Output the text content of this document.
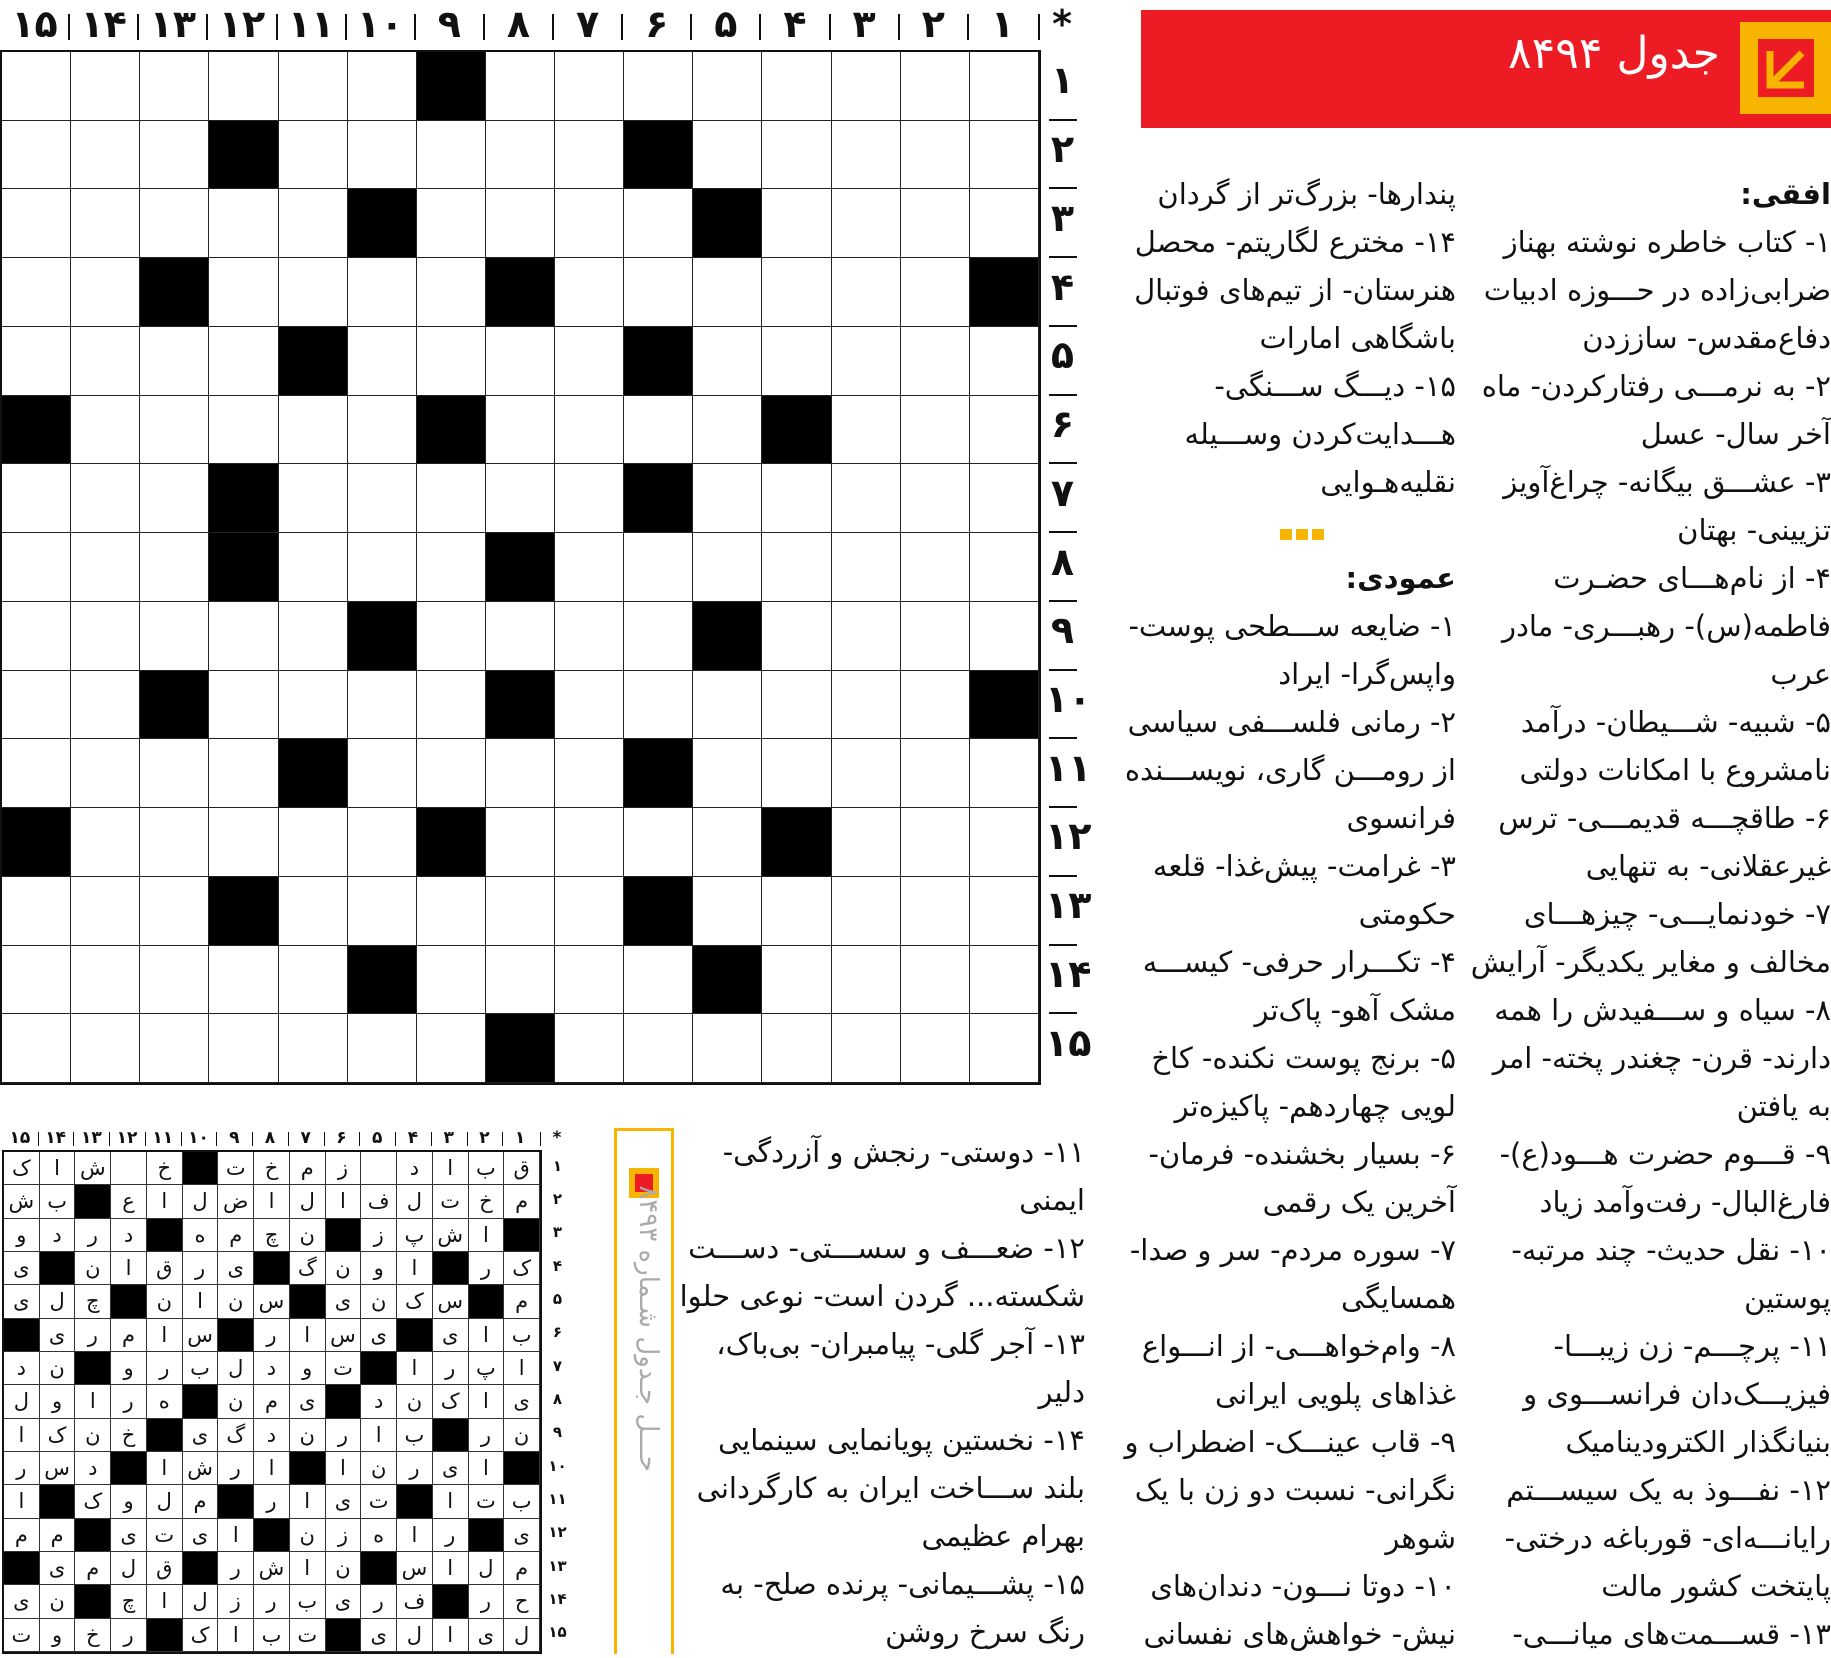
*
۱
۲
۳
۴
۵
۶
۷
۸
۹
۱۰
۱۱
۱۲
۱۳
۱۴
۱۵
۱
۲
۳
۴
۵
۶
۷
۸
۹
۱۰
۱۱
۱۲
۱۳
۱۴
۱۵
جدول ۸۴۹۴
افقی:
۱- کتاب خاطره نوشته بهناز
ضرابی‌زاده در حـــوزه ادبیات
دفاع‌مقدس- ساززدن
۲- به نرمـــی رفتارکردن- ماه
آخر سال- عسل
۳- عشـــق بیگانه- چراغ‌آویز
تزیینی- بهتان
۴- از نام‌هـــای حضـرت
فاطمه(س)- رهبـــری- مادر
عرب
۵- شبیه- شـــیطان- درآمد
نامشروع با امکانات دولتی
۶- طاقچـــه قدیمـــی- ترس
غیرعقلانی- به تنهایی
۷- خودنمایـــی- چیزهـــای
مخالف و مغایر یکدیگر- آرایش
۸- سیاه و ســـفیدش را همه
دارند- قرن- چغندر پخته- امر
به یافتن
۹- قـــوم حضرت هـــود(ع)-
فارغ‌البال- رفت‌وآمد زیاد
۱۰- نقل حدیث- چند مرتبه-
پوستین
۱۱- پرچـــم- زن زیبـــا-
فیزیـــک‌دان فرانســـوی و
بنیانگذار الکترودینامیک
۱۲- نفـــوذ به یک سیســـتم
رایانـــه‌ای- قورباغه درختی-
پایتخت کشور مالت
۱۳- قســـمت‌های میانـــی-
پندارها- بزرگ‌تر از گردان
۱۴- مخترع لگاریتم- محصل
هنرستان- از تیم‌های فوتبال
باشگاهی امارات
۱۵- دیـــگ ســـنگی-
هـــدایت‌کردن وســـیله
نقلیه‌هـوایی

عمودی:
۱- ضایعه ســـطحی پوست-
واپس‌گرا- ایراد
۲- رمانی فلســـفی سیاسی
از رومـــن گاری، نویســـنده
فرانسوی
۳- غرامت- پیش‌غذا- قلعه
حکومتی
۴- تکـــرار حرفی- کیســـه
مشک آهو- پاک‌تر
۵- برنج پوست نکنده- کاخ
لویی چهاردهم- پاکیزه‌تر
۶- بسیار بخشنده- فرمان-
آخرین یک رقمی
۷- سوره مردم- سر و صدا-
همسایگی
۸- وام‌خواهـــی- از انـــواع
غذاهای پلویی ایرانی
۹- قاب عینـــک- اضطراب و
نگرانی- نسبت دو زن با یک
شوهر
۱۰- دوتا نـــون- دندان‌های
نیش- خواهش‌های نفسانی
۱۱- دوستی- رنجش و آزردگی-
ایمنی
۱۲- ضعـــف و سســـتی- دســـت
شکسته... گردن است- نوعی حلوا
۱۳- آجر گلی- پیامبران- بی‌باک،
دلیر
۱۴- نخستین پویانمایی سینمایی
بلند ســـاخت ایران به کارگردانی
بهرام عظیمی
۱۵- پشـــیمانی- پرنده صلح- به
رنگ سرخ روشن
حـــل جـدول شـماره ۸۴۹۳
*
۱
۲
۳
۴
۵
۶
۷
۸
۹
۱۰
۱۱
۱۲
۱۳
۱۴
۱۵
ق
ب
ا
د
ز
م
خ
ت
خ
ش
ا
ک
م
خ
ت
ل
ف
ا
ل
ا
ض
ل
ا
ع
ب
ش
ا
ش
پ
ز
ن
چ
م
ه
د
ر
د
و
ک
ر
ا
و
ن
گ
ی
ر
ق
ا
ن
ی
م
س
ک
ن
ی
س
ن
ا
ن
چ
ل
ی
ب
ا
ی
ی
س
ا
ر
س
ا
م
ر
ی
ا
پ
ر
ا
ت
و
د
ل
ب
ر
و
ن
د
ی
ا
ک
ن
د
ی
م
ن
ه
ر
ا
و
ل
ن
ر
ب
ا
ر
ن
د
گ
ی
خ
ن
ک
ا
ا
ی
ر
ن
ا
ا
ر
ش
ا
د
س
ر
ب
ت
ا
ت
ی
ا
ر
م
ل
و
ک
ا
ی
ر
ا
ه
ز
ن
ا
ی
ت
ی
م
م
م
ل
ا
س
ن
ا
ش
ر
ق
ل
م
ی
ح
ر
ف
ر
ی
ب
ر
ز
ل
ا
چ
ن
ی
ل
ی
ا
ل
ی
ت
ب
ا
ک
ر
خ
و
ت
۱
۲
۳
۴
۵
۶
۷
۸
۹
۱۰
۱۱
۱۲
۱۳
۱۴
۱۵
